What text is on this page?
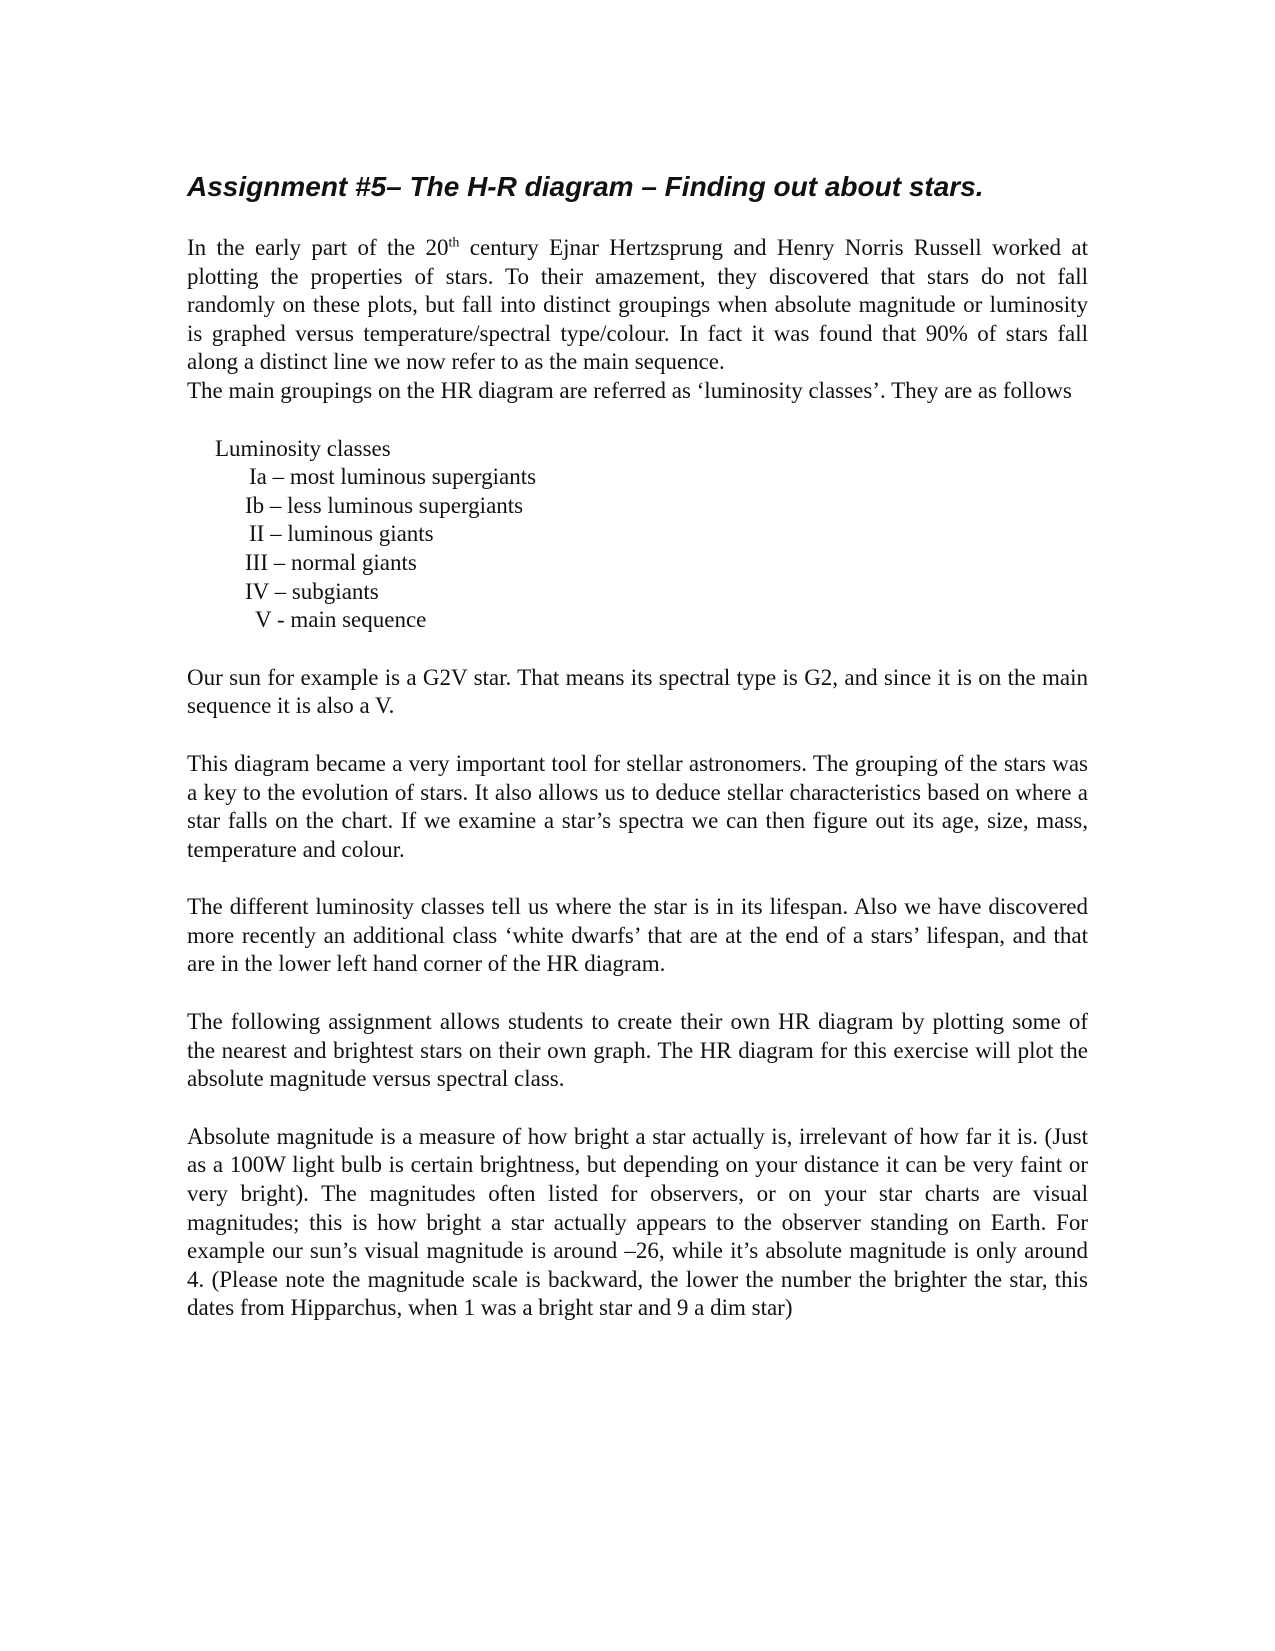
Assignment #5– The H-R diagram – Finding out about stars.

In the early part of the 20th century Ejnar Hertzsprung and Henry Norris Russell worked at plotting the properties of stars. To their amazement, they discovered that stars do not fall randomly on these plots, but fall into distinct groupings when absolute magnitude or luminosity is graphed versus temperature/spectral type/colour. In fact it was found that 90% of stars fall along a distinct line we now refer to as the main sequence.

The main groupings on the HR diagram are referred as ‘luminosity classes’. They are as follows

Luminosity classes
Ia – most luminous supergiants
Ib – less luminous supergiants
II – luminous giants
III – normal giants
IV – subgiants
V - main sequence

Our sun for example is a G2V star. That means its spectral type is G2, and since it is on the main sequence it is also a V.

This diagram became a very important tool for stellar astronomers. The grouping of the stars was a key to the evolution of stars. It also allows us to deduce stellar characteristics based on where a star falls on the chart. If we examine a star’s spectra we can then figure out its age, size, mass, temperature and colour.

The different luminosity classes tell us where the star is in its lifespan. Also we have discovered more recently an additional class ‘white dwarfs’ that are at the end of a stars’ lifespan, and that are in the lower left hand corner of the HR diagram.

The following assignment allows students to create their own HR diagram by plotting some of the nearest and brightest stars on their own graph. The HR diagram for this exercise will plot the absolute magnitude versus spectral class.

Absolute magnitude is a measure of how bright a star actually is, irrelevant of how far it is. (Just as a 100W light bulb is certain brightness, but depending on your distance it can be very faint or very bright). The magnitudes often listed for observers, or on your star charts are visual magnitudes; this is how bright a star actually appears to the observer standing on Earth. For example our sun’s visual magnitude is around –26, while it’s absolute magnitude is only around 4. (Please note the magnitude scale is backward, the lower the number the brighter the star, this dates from Hipparchus, when 1 was a bright star and 9 a dim star)
